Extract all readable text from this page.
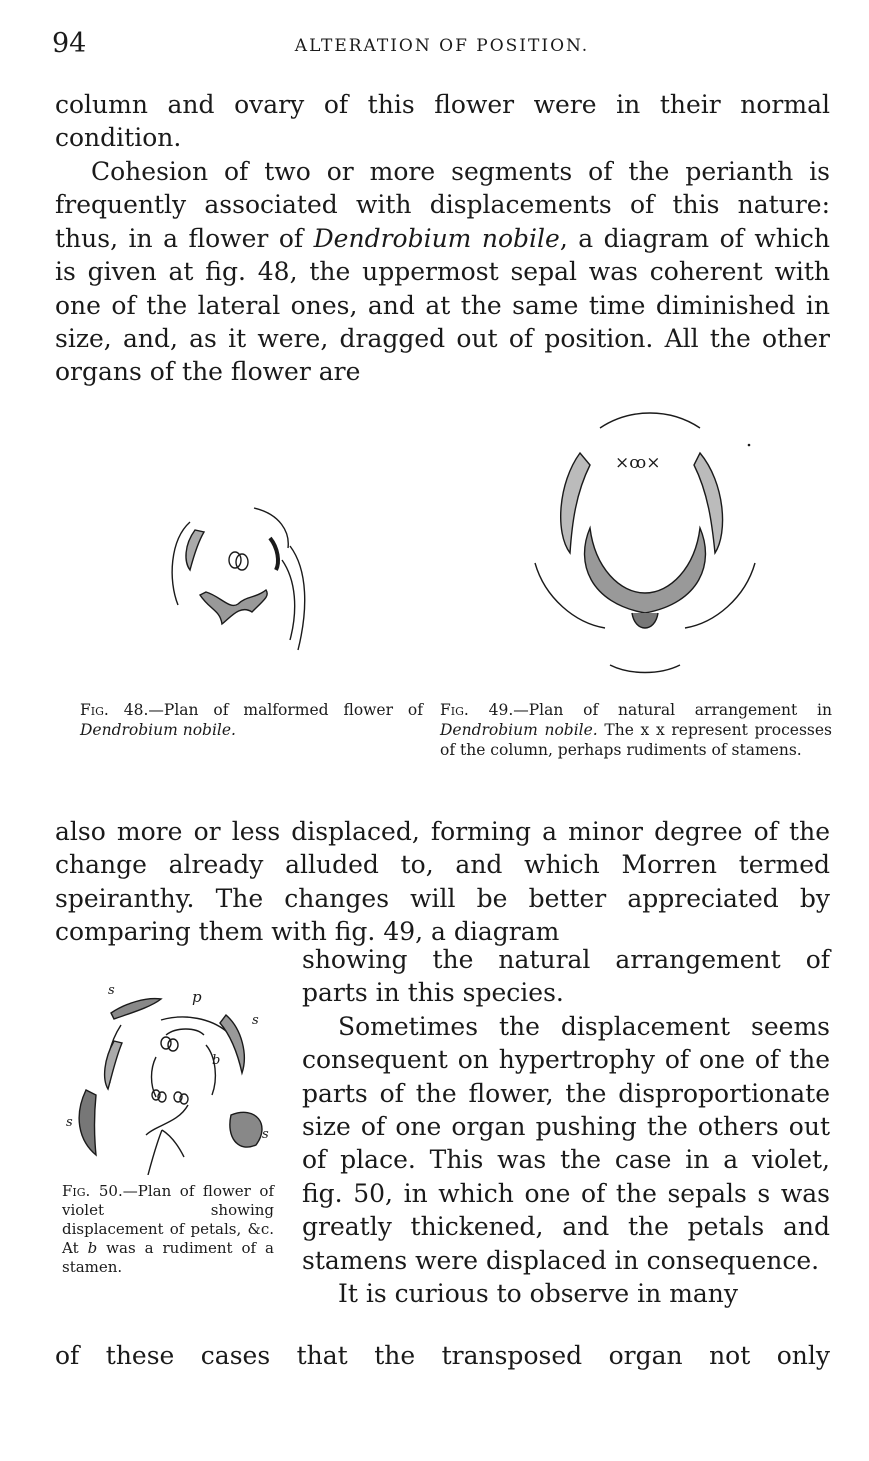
94	ALTERATION OF POSITION.

column and ovary of this flower were in their normal condition.

Cohesion of two or more segments of the perianth is frequently associated with displacements of this nature: thus, in a flower of Dendrobium nobile, a diagram of which is given at fig. 48, the uppermost sepal was coherent with one of the lateral ones, and at the same time diminished in size, and, as it were, dragged out of position. All the other organs of the flower are

×ꝏ×
Fig. 48.—Plan of malformed flower of Dendrobium nobile.
Fig. 49.—Plan of natural arrangement in Dendrobium nobile. The x x represent processes of the column, perhaps rudiments of stamens.

also more or less displaced, forming a minor degree of the change already alluded to, and which Morren termed speiranthy. The changes will be better appreciated by comparing them with fig. 49, a diagram

s	p
s
b
s
s
Fig. 50.—Plan of flower of violet showing displacement of petals, &c. At b was a rudiment of a stamen.

showing the natural arrangement of parts in this species.

Sometimes the displacement seems consequent on hypertrophy of one of the parts of the flower, the disproportionate size of one organ pushing the others out of place. This was the case in a violet, fig. 50, in which one of the sepals s was greatly thickened, and the petals and stamens were displaced in consequence.

It is curious to observe in many

of these cases that the transposed organ not only
